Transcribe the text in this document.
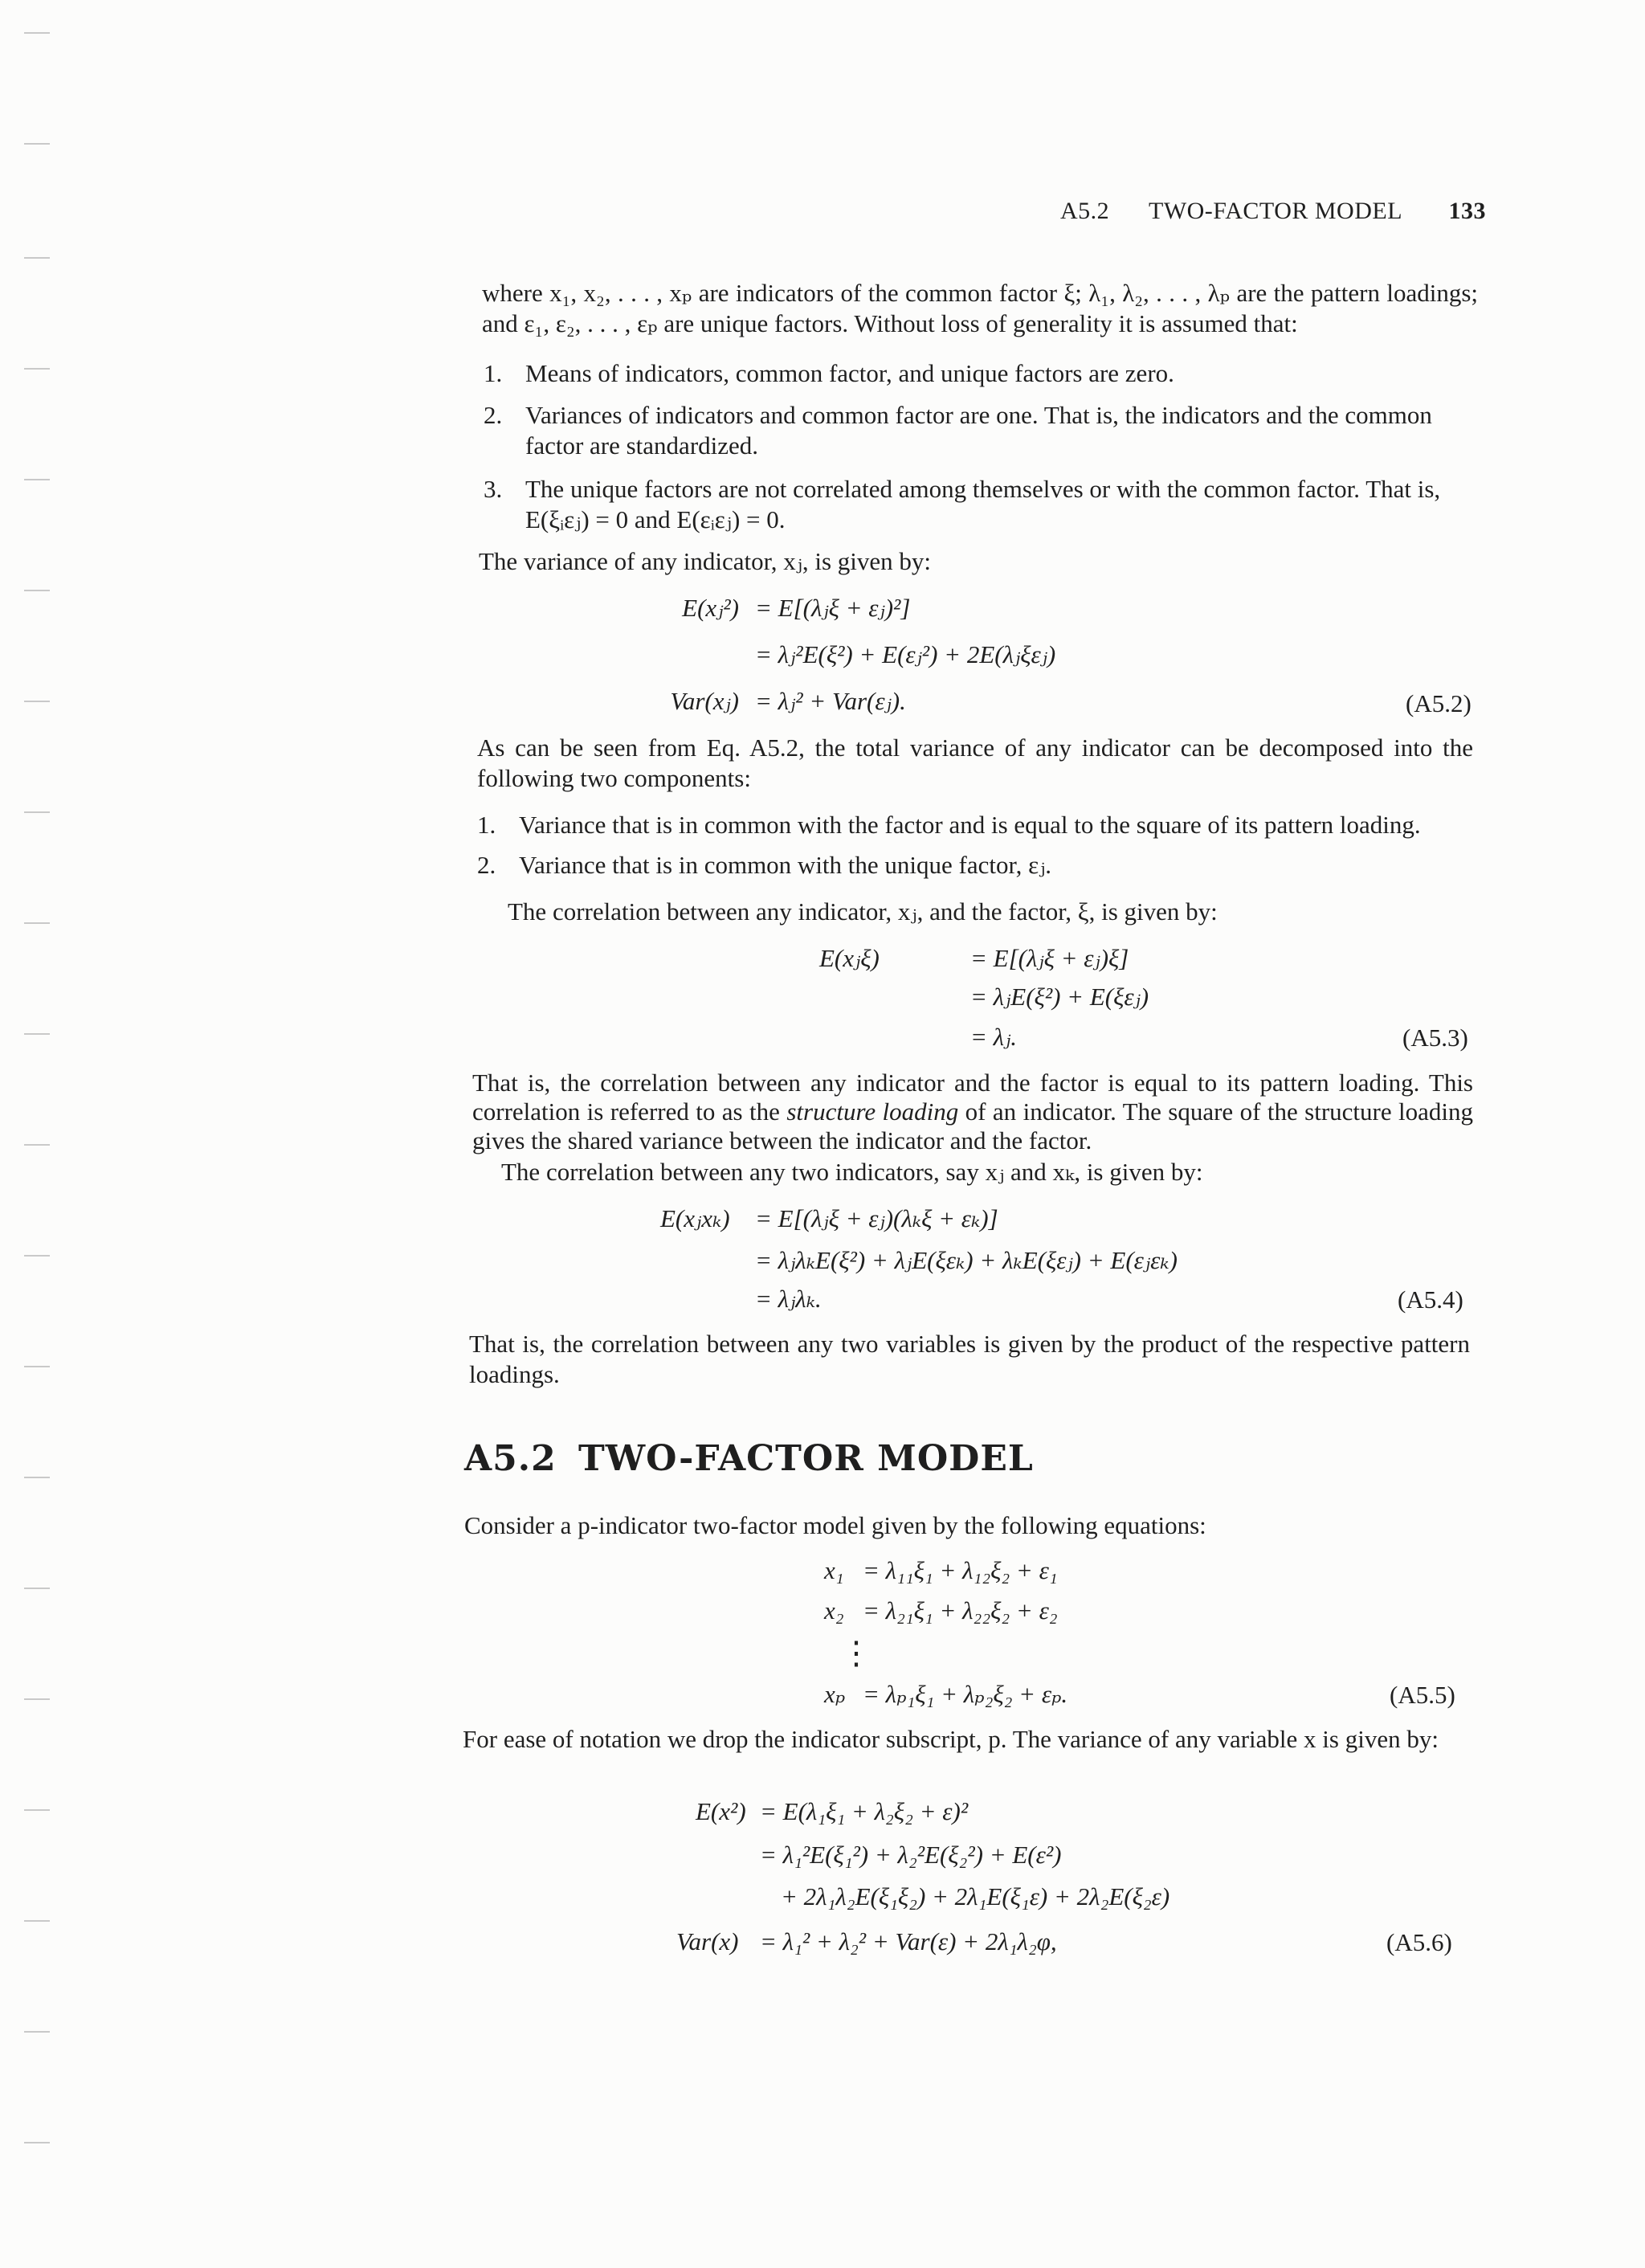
A5.2 TWO-FACTOR MODEL 133
where x₁, x₂, . . . , xₚ are indicators of the common factor ξ; λ₁, λ₂, . . . , λₚ are the pattern loadings; and ε₁, ε₂, . . . , εₚ are unique factors. Without loss of generality it is assumed that:
1. Means of indicators, common factor, and unique factors are zero.
2. Variances of indicators and common factor are one. That is, the indicators and the common factor are standardized.
3. The unique factors are not correlated among themselves or with the common factor. That is, E(ξᵢεⱼ) = 0 and E(εᵢεⱼ) = 0.
The variance of any indicator, xⱼ, is given by:
E(xⱼ²) = E[(λⱼξ + εⱼ)²]
= λⱼ²E(ξ²) + E(εⱼ²) + 2E(λⱼξεⱼ)
Var(xⱼ) = λⱼ² + Var(εⱼ).	(A5.2)
As can be seen from Eq. A5.2, the total variance of any indicator can be decomposed into the following two components:
1. Variance that is in common with the factor and is equal to the square of its pattern loading.
2. Variance that is in common with the unique factor, εⱼ.
The correlation between any indicator, xⱼ, and the factor, ξ, is given by:
E(xⱼξ)	= E[(λⱼξ + εⱼ)ξ]
= λⱼE(ξ²) + E(ξεⱼ)
= λⱼ.	(A5.3)
That is, the correlation between any indicator and the factor is equal to its pattern loading. This correlation is referred to as the structure loading of an indicator. The square of the structure loading gives the shared variance between the indicator and the factor.
The correlation between any two indicators, say xⱼ and xₖ, is given by:
E(xⱼxₖ) = E[(λⱼξ + εⱼ)(λₖξ + εₖ)]
= λⱼλₖE(ξ²) + λⱼE(ξεₖ) + λₖE(ξεⱼ) + E(εⱼεₖ)
= λⱼλₖ.	(A5.4)
That is, the correlation between any two variables is given by the product of the respective pattern loadings.
A5.2 TWO-FACTOR MODEL
Consider a p-indicator two-factor model given by the following equations:
x₁ = λ₁₁ξ₁ + λ₁₂ξ₂ + ε₁
x₂ = λ₂₁ξ₁ + λ₂₂ξ₂ + ε₂
⋮
xₚ = λₚ₁ξ₁ + λₚ₂ξ₂ + εₚ.	(A5.5)
For ease of notation we drop the indicator subscript, p. The variance of any variable x is given by:
E(x²) = E(λ₁ξ₁ + λ₂ξ₂ + ε)²
= λ₁²E(ξ₁²) + λ₂²E(ξ₂²) + E(ε²)
+ 2λ₁λ₂E(ξ₁ξ₂) + 2λ₁E(ξ₁ε) + 2λ₂E(ξ₂ε)
Var(x) = λ₁² + λ₂² + Var(ε) + 2λ₁λ₂φ,	(A5.6)
